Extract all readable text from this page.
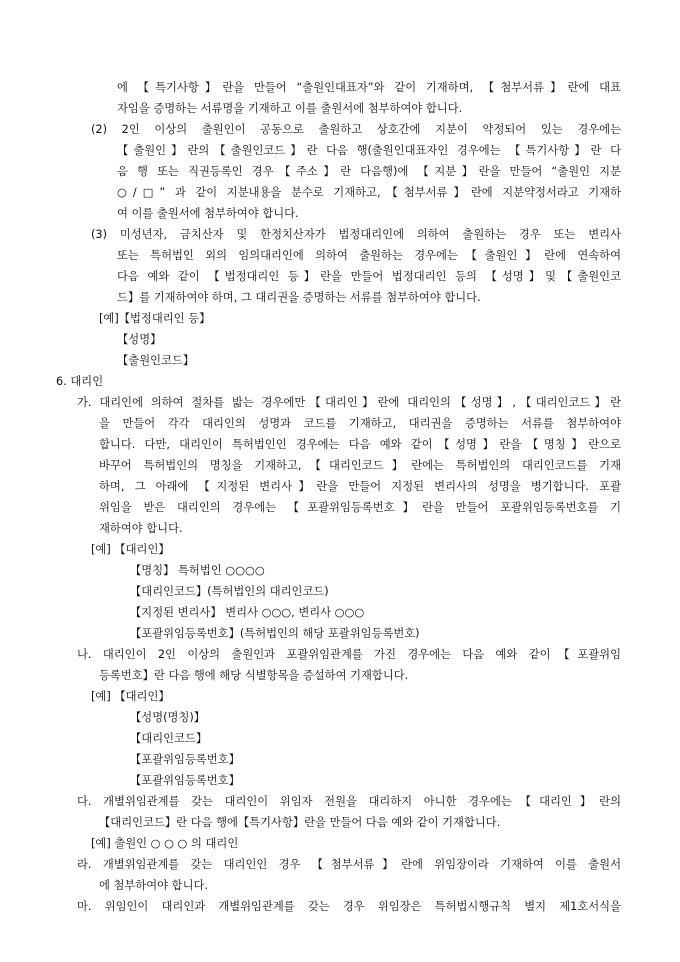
에 【특기사항】란을 만들어 “출원인대표자”와 같이 기재하며, 【첨부서류】란에 대표
자임을 증명하는 서류명을 기재하고 이를 출원서에 첨부하여야 합니다.
(2) 2인 이상의 출원인이 공동으로 출원하고 상호간에 지분이 약정되어 있는 경우에는
【출원인】란의【출원인코드】란 다음 행(출원인대표자인 경우에는 【특기사항】란 다
음 행 또는 직권등록인 경우【주소】란 다음행)에 【지분】란을 만들어 “출원인 지분
○/□” 과 같이 지분내용을 분수로 기재하고,【첨부서류】란에 지분약정서라고 기재하
여 이를 출원서에 첨부하여야 합니다.
(3) 미성년자, 금치산자 및 한정치산자가 법정대리인에 의하여 출원하는 경우 또는 변리사
또는 특허법인 외의 임의대리인에 의하여 출원하는 경우에는【출원인】란에 연속하여
다음 예와 같이 【법정대리인 등】란을 만들어 법정대리인 등의 【성명】및【출원인코
드】를 기재하여야 하며, 그 대리권을 증명하는 서류를 첨부하여야 합니다.
[예]【법정대리인 등】
【성명】
【출원인코드】
6. 대리인
가. 대리인에 의하여 절차를 밟는 경우에만【대리인】란에 대리인의【성명】,【대리인코드】란
을 만들어 각각 대리인의 성명과 코드를 기재하고, 대리권을 증명하는 서류를 첨부하여야
합니다. 다만, 대리인이 특허법인인 경우에는 다음 예와 같이【성명】란을【명칭】란으로
바꾸어 특허법인의 명칭을 기재하고,【대리인코드】란에는 특허법인의 대리인코드를 기재
하며, 그 아래에 【지정된 변리사】란을 만들어 지정된 변리사의 성명을 병기합니다. 포괄
위임을 받은 대리인의 경우에는 【포괄위임등록번호】란을 만들어 포괄위임등록번호를 기
재하여야 합니다.
[예] 【대리인】
【명칭】 특허법인 ○○○○
【대리인코드】(특허법인의 대리인코드)
【지정된 변리사】 변리사 ○○○, 변리사 ○○○
【포괄위임등록번호】(특허법인의 해당 포괄위임등록번호)
나. 대리인이 2인 이상의 출원인과 포괄위임관계를 가진 경우에는 다음 예와 같이【포괄위임
등록번호】란 다음 행에 해당 식별항목을 증설하여 기재합니다.
[예] 【대리인】
【성명(명칭)】
【대리인코드】
【포괄위임등록번호】
【포괄위임등록번호】
다. 개별위임관계를 갖는 대리인이 위임자 전원을 대리하지 아니한 경우에는【대리인】란의
【대리인코드】란 다음 행에【특기사항】란을 만들어 다음 예와 같이 기재합니다.
[예] 출원인 ○ ○ ○ 의 대리인
라. 개별위임관계를 갖는 대리인인 경우 【첨부서류】란에 위임장이라 기재하여 이를 출원서
에 첨부하여야 합니다.
마. 위임인이 대리인과 개별위임관계를 갖는 경우 위임장은 특허법시행규칙 별지 제1호서식을
